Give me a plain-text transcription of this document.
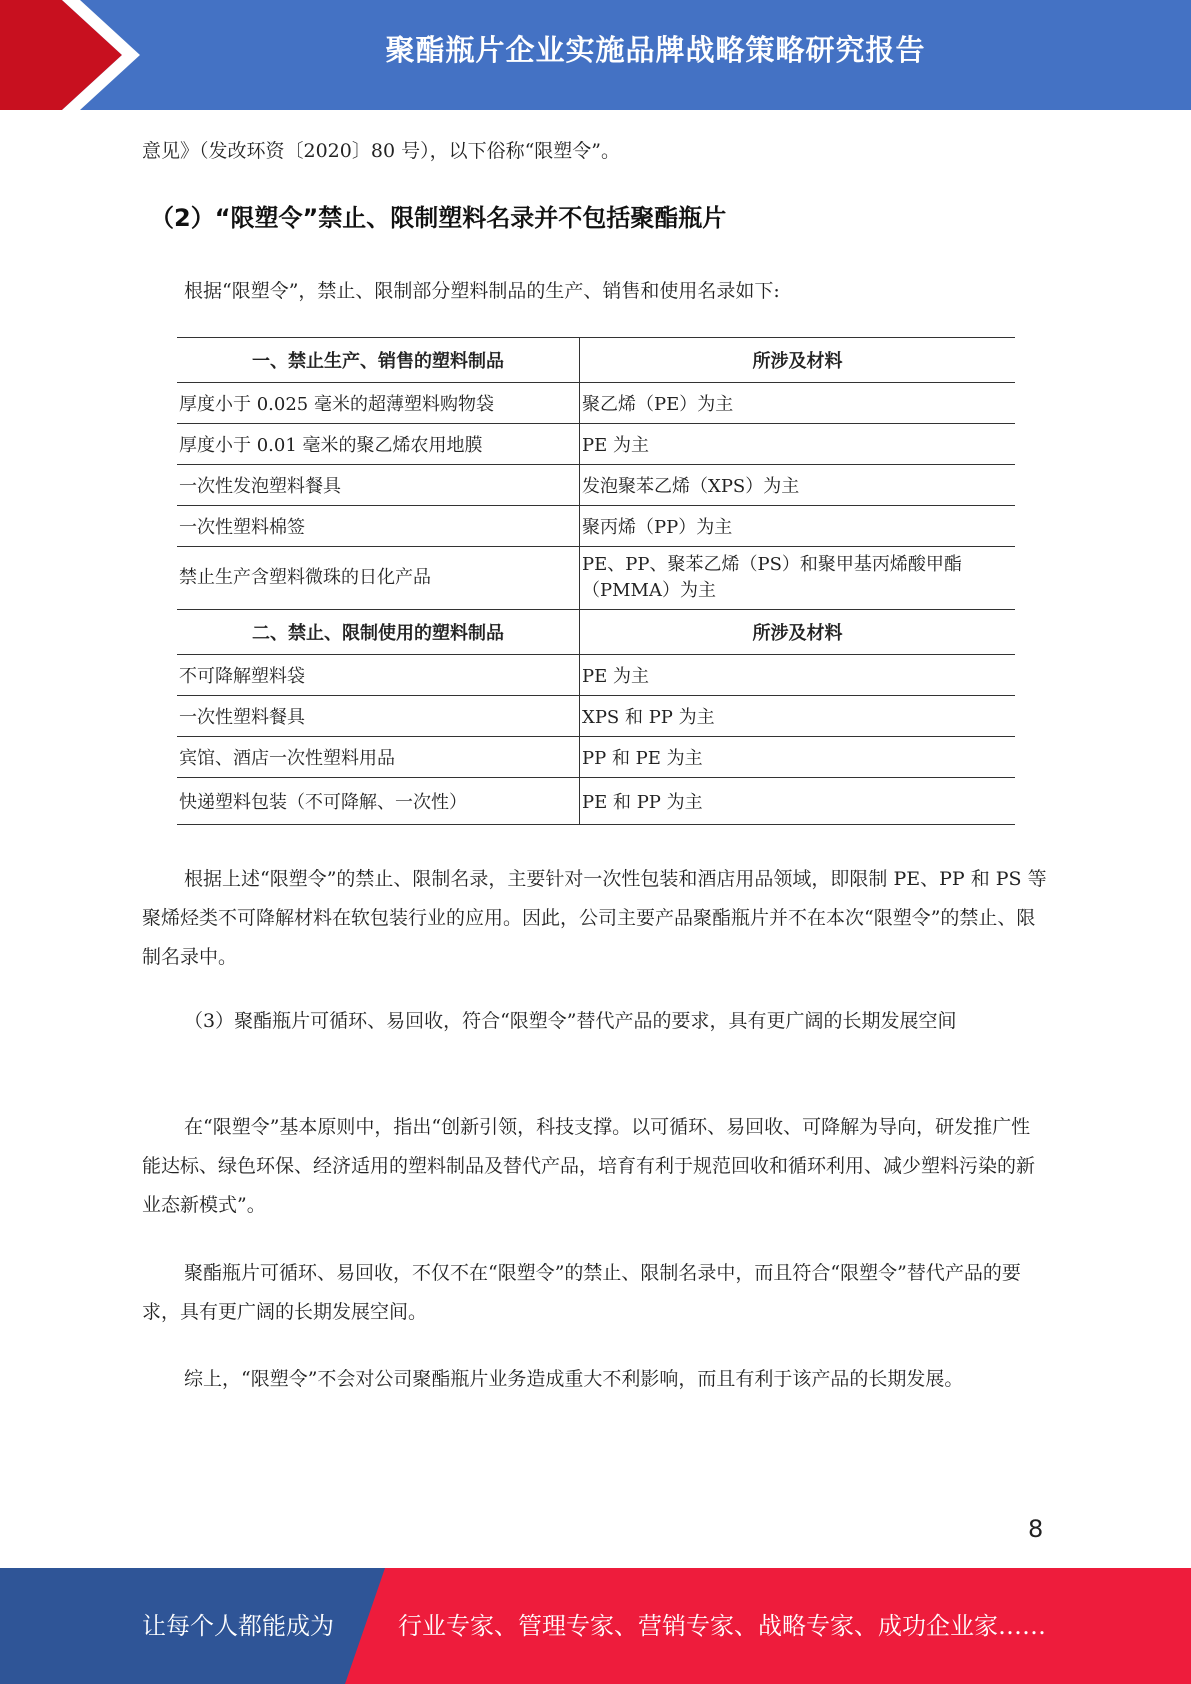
聚酯瓶片企业实施品牌战略策略研究报告

意见》（发改环资〔2020〕80 号），以下俗称“限塑令”。

（2）“限塑令”禁止、限制塑料名录并不包括聚酯瓶片

根据“限塑令”，禁止、限制部分塑料制品的生产、销售和使用名录如下:

一、禁止生产、销售的塑料制品	所涉及材料
厚度小于 0.025 毫米的超薄塑料购物袋	聚乙烯（PE）为主
厚度小于 0.01 毫米的聚乙烯农用地膜	PE 为主
一次性发泡塑料餐具	发泡聚苯乙烯（XPS）为主
一次性塑料棉签	聚丙烯（PP）为主
禁止生产含塑料微珠的日化产品	PE、PP、聚苯乙烯（PS）和聚甲基丙烯酸甲酯（PMMA）为主
二、禁止、限制使用的塑料制品	所涉及材料
不可降解塑料袋	PE 为主
一次性塑料餐具	XPS 和 PP 为主
宾馆、酒店一次性塑料用品	PP 和 PE 为主
快递塑料包装（不可降解、一次性）	PE 和 PP 为主

根据上述“限塑令”的禁止、限制名录，主要针对一次性包装和酒店用品领域，即限制 PE、PP 和 PS 等聚烯烃类不可降解材料在软包装行业的应用。因此，公司主要产品聚酯瓶片并不在本次“限塑令”的禁止、限制名录中。

（3）聚酯瓶片可循环、易回收，符合“限塑令”替代产品的要求，具有更广阔的长期发展空间

在“限塑令”基本原则中，指出“创新引领，科技支撑。以可循环、易回收、可降解为导向，研发推广性能达标、绿色环保、经济适用的塑料制品及替代产品，培育有利于规范回收和循环利用、减少塑料污染的新业态新模式”。

聚酯瓶片可循环、易回收，不仅不在“限塑令”的禁止、限制名录中，而且符合“限塑令”替代产品的要求，具有更广阔的长期发展空间。

综上，“限塑令”不会对公司聚酯瓶片业务造成重大不利影响，而且有利于该产品的长期发展。

8
让每个人都能成为	行业专家、管理专家、营销专家、战略专家、成功企业家……
